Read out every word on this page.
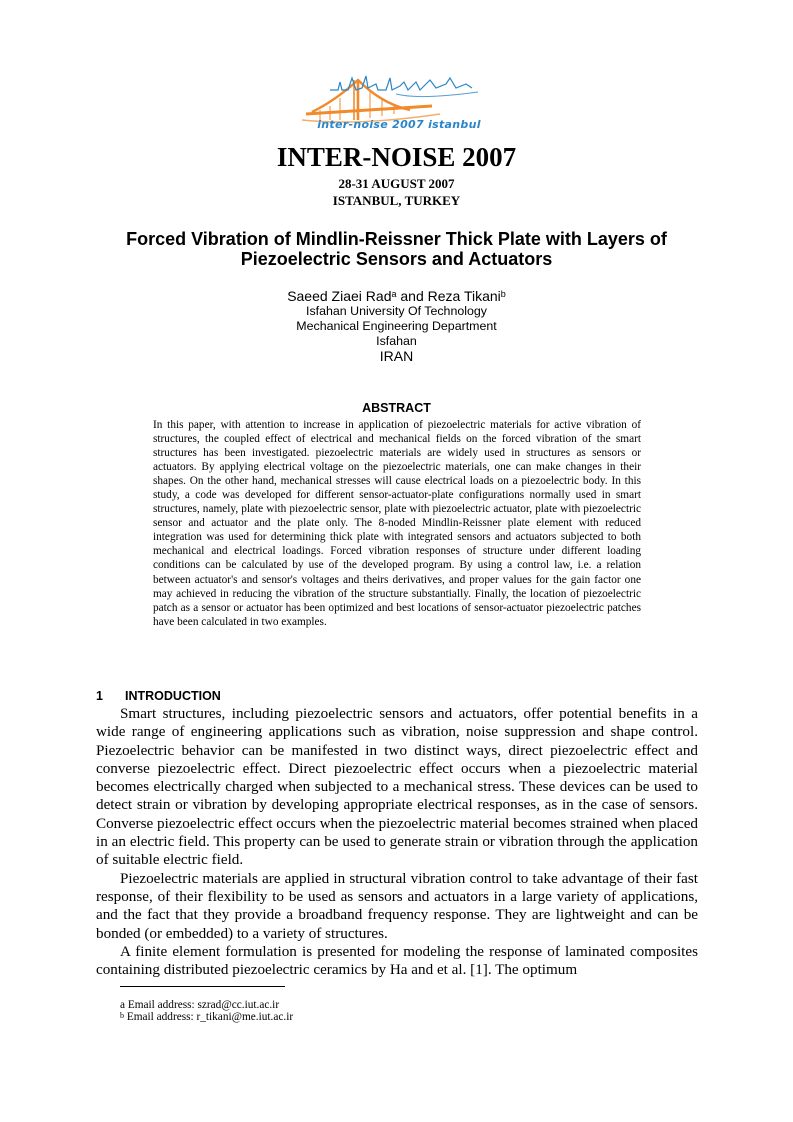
inter-noise 2007 istanbul
INTER-NOISE 2007
28-31 AUGUST 2007
ISTANBUL, TURKEY
Forced Vibration of Mindlin-Reissner Thick Plate with Layers of Piezoelectric Sensors and Actuators
Saeed Ziaei Rad$^a$ and Reza Tikani$^b$
Isfahan University Of Technology
Mechanical Engineering Department
Isfahan
IRAN
ABSTRACT
In this paper, with attention to increase in application of piezoelectric materials for active vibration of structures, the coupled effect of electrical and mechanical fields on the forced vibration of the smart structures has been investigated. piezoelectric materials are widely used in structures as sensors or actuators. By applying electrical voltage on the piezoelectric materials, one can make changes in their shapes. On the other hand, mechanical stresses will cause electrical loads on a piezoelectric body. In this study, a code was developed for different sensor-actuator-plate configurations normally used in smart structures, namely, plate with piezoelectric sensor, plate with piezoelectric actuator, plate with piezoelectric sensor and actuator and the plate only. The 8-noded Mindlin-Reissner plate element with reduced integration was used for determining thick plate with integrated sensors and actuators subjected to both mechanical and electrical loadings. Forced vibration responses of structure under different loading conditions can be calculated by use of the developed program. By using a control law, i.e. a relation between actuator's and sensor's voltages and theirs derivatives, and proper values for the gain factor one may achieved in reducing the vibration of the structure substantially. Finally, the location of piezoelectric patch as a sensor or actuator has been optimized and best locations of sensor-actuator piezoelectric patches have been calculated in two examples.
1 INTRODUCTION

Smart structures, including piezoelectric sensors and actuators, offer potential benefits in a wide range of engineering applications such as vibration, noise suppression and shape control. Piezoelectric behavior can be manifested in two distinct ways, direct piezoelectric effect and converse piezoelectric effect. Direct piezoelectric effect occurs when a piezoelectric material becomes electrically charged when subjected to a mechanical stress. These devices can be used to detect strain or vibration by developing appropriate electrical responses, as in the case of sensors. Converse piezoelectric effect occurs when the piezoelectric material becomes strained when placed in an electric field. This property can be used to generate strain or vibration through the application of suitable electric field.

Piezoelectric materials are applied in structural vibration control to take advantage of their fast response, of their flexibility to be used as sensors and actuators in a large variety of applications, and the fact that they provide a broadband frequency response. They are lightweight and can be bonded (or embedded) to a variety of structures.

A finite element formulation is presented for modeling the response of laminated composites containing distributed piezoelectric ceramics by Ha and et al. [1]. The optimum

a Email address: szrad@cc.iut.ac.ir
$^b$ Email address: r_tikani@me.iut.ac.ir
